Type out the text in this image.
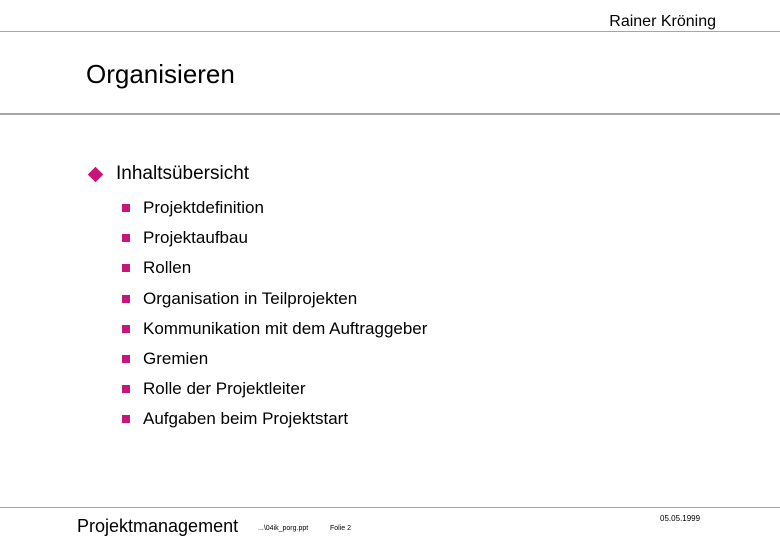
Rainer Kröning
Organisieren
Inhaltsübersicht
Projektdefinition
Projektaufbau
Rollen
Organisation in Teilprojekten
Kommunikation mit dem Auftraggeber
Gremien
Rolle der Projektleiter
Aufgaben beim Projektstart
Projektmanagement	...\04ik_porg.ppt	Folie 2
05.05.1999
